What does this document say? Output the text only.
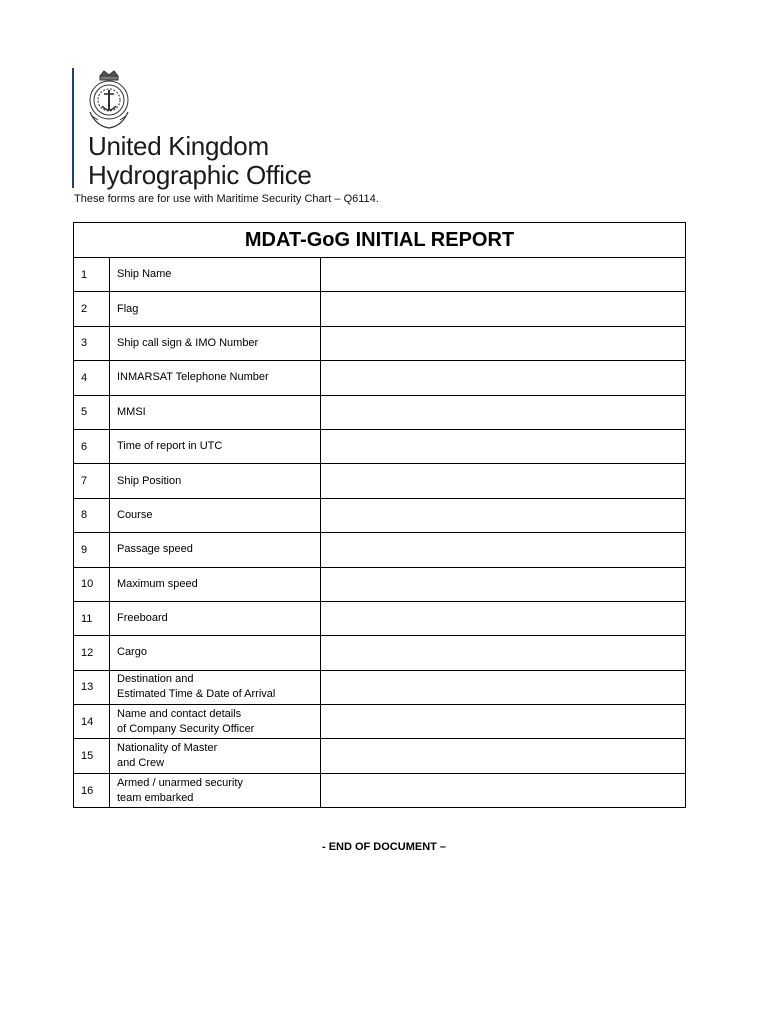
United Kingdom
Hydrographic Office
These forms are for use with Maritime Security Chart – Q6114.
MDAT-GoG INITIAL REPORT		
1	Ship Name	
2	Flag	
3	Ship call sign & IMO Number	
4	INMARSAT Telephone Number	
5	MMSI	
6	Time of report in UTC	
7	Ship Position	
8	Course	
9	Passage speed	
10	Maximum speed	
11	Freeboard	
12	Cargo	
13	Destination and
Estimated Time & Date of Arrival	
14	Name and contact details
of Company Security Officer	
15	Nationality of Master
and Crew	
16	Armed / unarmed security
team embarked	
- END OF DOCUMENT –
